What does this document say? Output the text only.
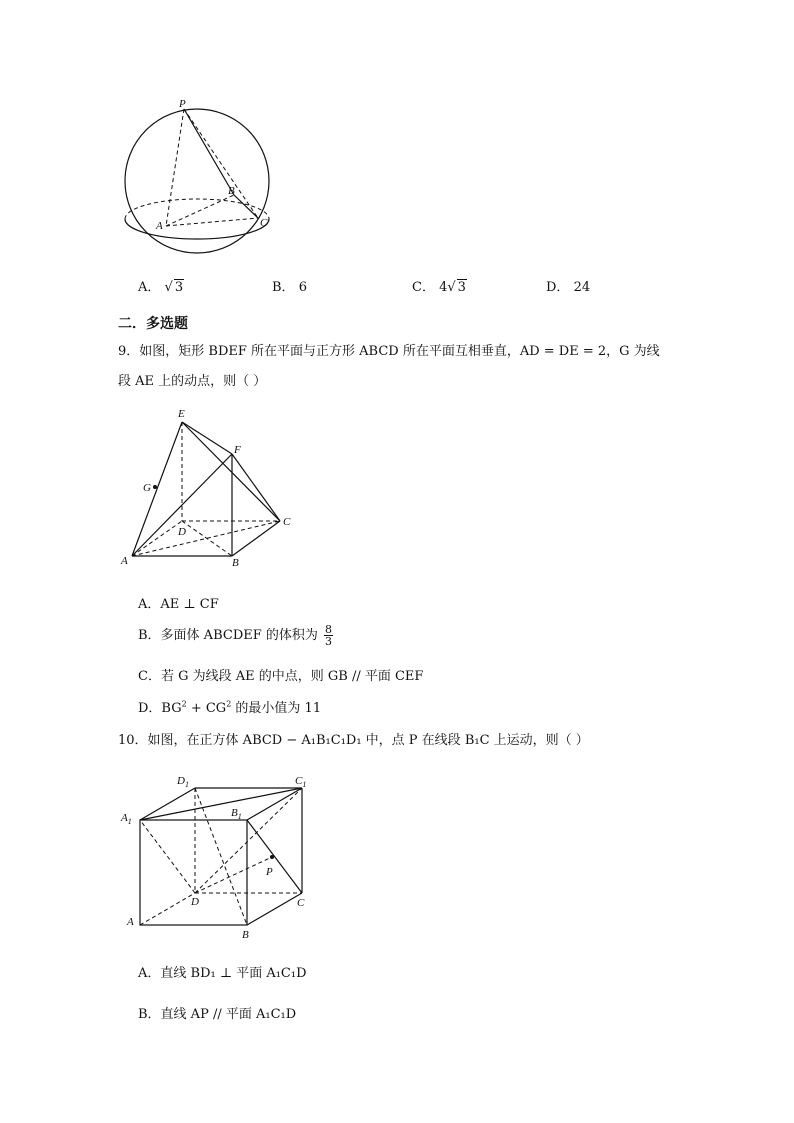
P
B
C
A
A． √ 3	B． 6	C． 4√ 3	D． 24
二．多选题
9．如图，矩形 BDEF 所在平面与正方形 ABCD 所在平面互相垂直，AD = DE = 2，G 为线
段 AE 上的动点，则（ ）
E
F
G
D
C
A	B
A．AE ⊥ CF
B．多面体 ABCDEF 的体积为 $\frac{8}{3}$
C．若 G 为线段 AE 的中点，则 GB // 平面 CEF
D．$BG^2 + CG^2$ 的最小值为 11
10．如图，在正方体 ABCD − A₁B₁C₁D₁ 中，点 P 在线段 B₁C 上运动，则（ ）
$D_1$	$C_1$
$A_1$
$B_1$
P
D	C
A
B
A．直线 BD₁ ⊥ 平面 A₁C₁D
B．直线 AP // 平面 A₁C₁D
